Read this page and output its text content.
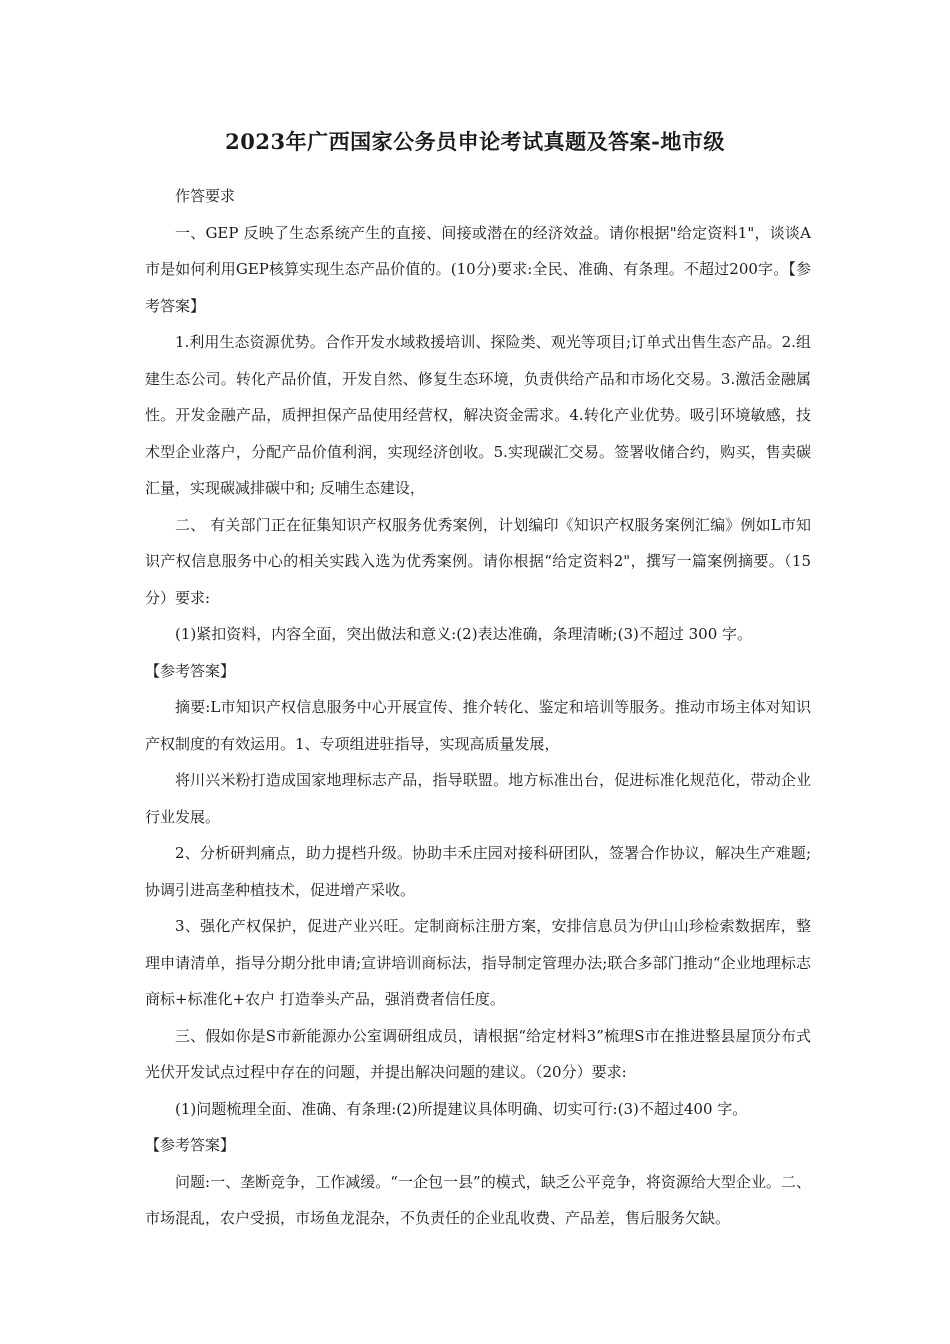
2023年广西国家公务员申论考试真题及答案-地市级

作答要求

一、GEP 反映了生态系统产生的直接、间接或潜在的经济效益。请你根据"给定资料1"，谈谈A市是如何利用GEP核算实现生态产品价值的。(10分)要求:全民、准确、有条理。不超过200字。【参考答案】

1.利用生态资源优势。合作开发水域救援培训、探险类、观光等项目;订单式出售生态产品。2.组建生态公司。转化产品价值，开发自然、修复生态环境，负责供给产品和市场化交易。3.激活金融属性。开发金融产品，质押担保产品使用经营权，解决资金需求。4.转化产业优势。吸引环境敏感，技术型企业落户，分配产品价值利润，实现经济创收。5.实现碳汇交易。签署收储合约，购买，售卖碳汇量，实现碳减排碳中和; 反哺生态建设，

二、 有关部门正在征集知识产权服务优秀案例，计划编印《知识产权服务案例汇编》例如L市知识产权信息服务中心的相关实践入选为优秀案例。请你根据“给定资料2"，撰写一篇案例摘要。（15分）要求:

(1)紧扣资料，内容全面，突出做法和意义:(2)表达准确，条理清晰;(3)不超过 300 字。

【参考答案】

摘要:L市知识产权信息服务中心开展宣传、推介转化、鉴定和培训等服务。推动市场主体对知识产权制度的有效运用。1、专项组进驻指导，实现高质量发展，

将川兴米粉打造成国家地理标志产品，指导联盟。地方标准出台，促进标准化规范化，带动企业行业发展。

2、分析研判痛点，助力提档升级。协助丰禾庄园对接科研团队，签署合作协议，解决生产难题; 协调引进高垄种植技术，促进增产采收。

3、强化产权保护，促进产业兴旺。定制商标注册方案，安排信息员为伊山山珍检索数据库，整理申请清单，指导分期分批申请;宣讲培训商标法，指导制定管理办法;联合多部门推动“企业地理标志商标+标准化+农户 打造拳头产品，强消费者信任度。

三、假如你是S市新能源办公室调研组成员，请根据“给定材料3”梳理S市在推进整县屋顶分布式光伏开发试点过程中存在的问题，并提出解决问题的建议。（20分）要求:

(1)问题梳理全面、准确、有条理:(2)所提建议具体明确、切实可行:(3)不超过400 字。

【参考答案】

问题:一、垄断竞争，工作减缓。“一企包一县”的模式，缺乏公平竞争，将资源给大型企业。二、市场混乱，农户受损，市场鱼龙混杂，不负责任的企业乱收费、产品差，售后服务欠缺。
